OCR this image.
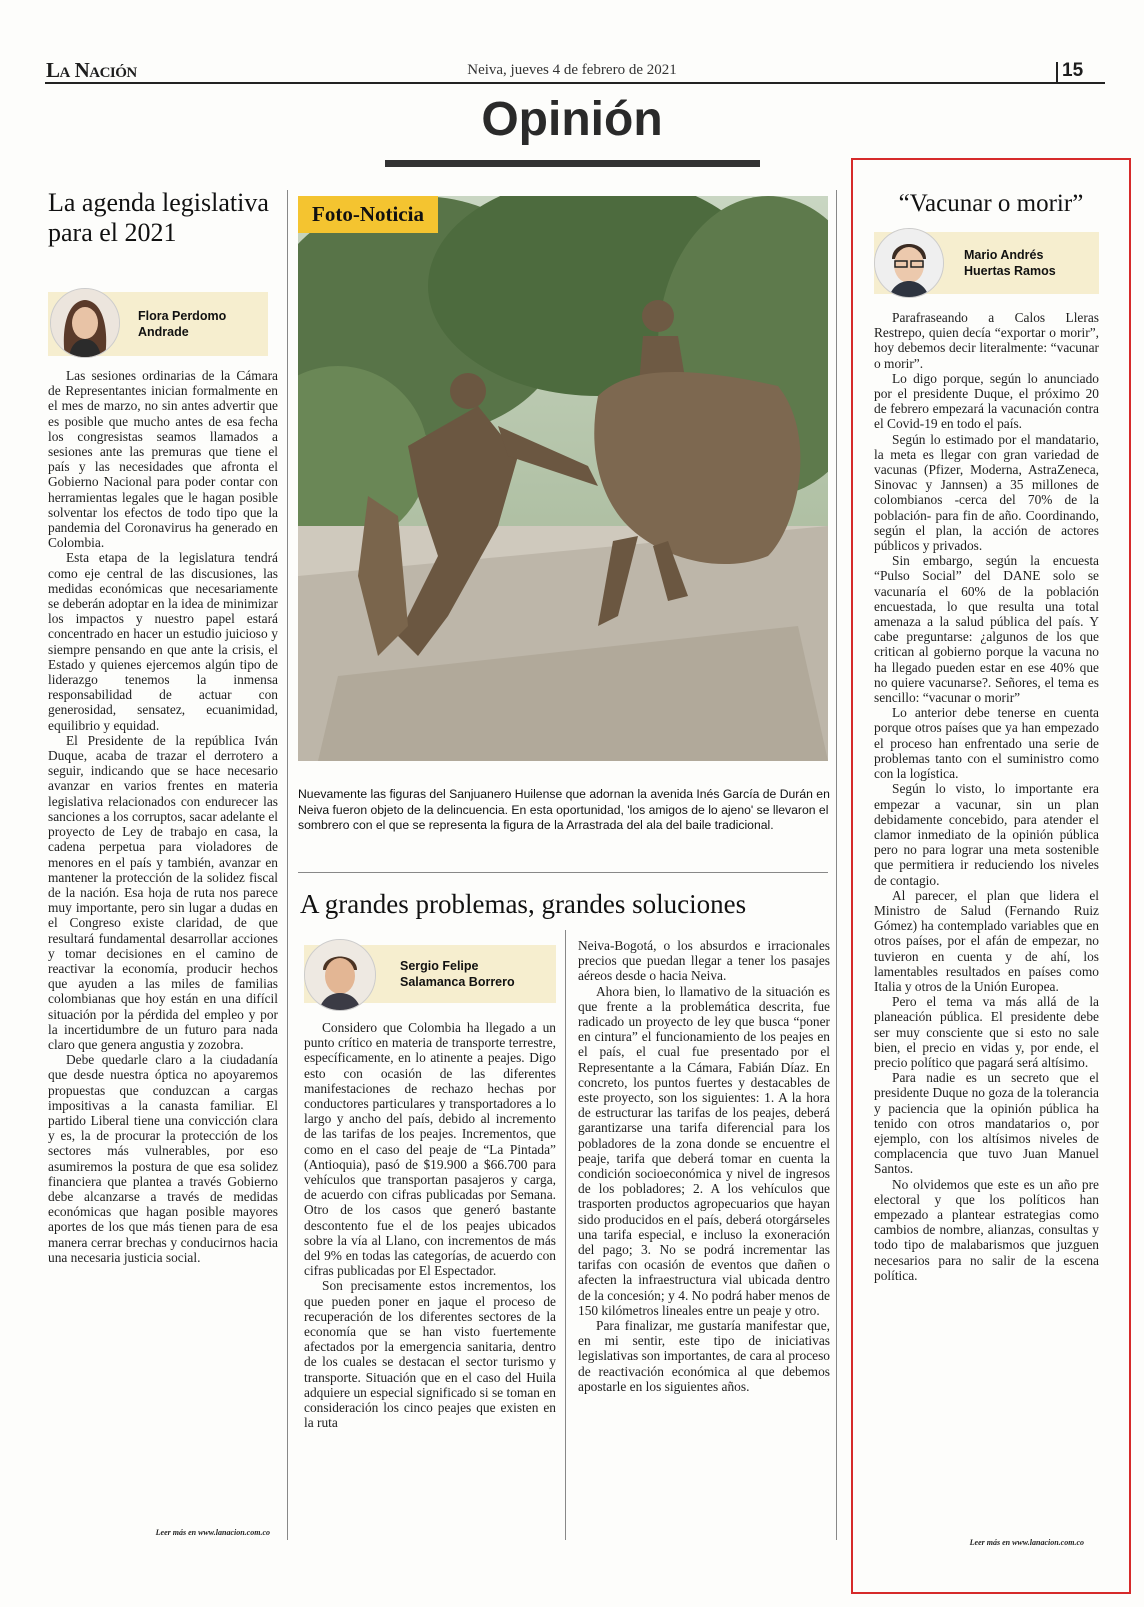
La Nación	Neiva, jueves 4 de febrero de 2021	15
Opinión
La agenda legislativa para el 2021
Flora Perdomo
Andrade

Las sesiones ordinarias de la Cámara de Representantes inician formalmente en el mes de marzo, no sin antes advertir que es posible que mucho antes de esa fecha los congresistas seamos llamados a sesiones ante las premuras que tiene el país y las necesidades que afronta el Gobierno Nacional para poder contar con herramientas legales que le hagan posible solventar los efectos de todo tipo que la pandemia del Coronavirus ha generado en Colombia.

Esta etapa de la legislatura tendrá como eje central de las discusiones, las medidas económicas que necesariamente se deberán adoptar en la idea de minimizar los impactos y nuestro papel estará concentrado en hacer un estudio juicioso y siempre pensando en que ante la crisis, el Estado y quienes ejercemos algún tipo de liderazgo tenemos la inmensa responsabilidad de actuar con generosidad, sensatez, ecuanimidad, equilibrio y equidad.

El Presidente de la república Iván Duque, acaba de trazar el derrotero a seguir, indicando que se hace necesario avanzar en varios frentes en materia legislativa relacionados con endurecer las sanciones a los corruptos, sacar adelante el proyecto de Ley de trabajo en casa, la cadena perpetua para violadores de menores en el país y también, avanzar en mantener la protección de la solidez fiscal de la nación. Esa hoja de ruta nos parece muy importante, pero sin lugar a dudas en el Congreso existe claridad, de que resultará fundamental desarrollar acciones y tomar decisiones en el camino de reactivar la economía, producir hechos que ayuden a las miles de familias colombianas que hoy están en una difícil situación por la pérdida del empleo y por la incertidumbre de un futuro para nada claro que genera angustia y zozobra.

Debe quedarle claro a la ciudadanía que desde nuestra óptica no apoyaremos propuestas que conduzcan a cargas impositivas a la canasta familiar. El partido Liberal tiene una convicción clara y es, la de procurar la protección de los sectores más vulnerables, por eso asumiremos la postura de que esa solidez financiera que plantea a través Gobierno debe alcanzarse a través de medidas económicas que hagan posible mayores aportes de los que más tienen para de esa manera cerrar brechas y conducirnos hacia una necesaria justicia social.

Leer más en www.lanacion.com.co
Foto-Noticia
Nuevamente las figuras del Sanjuanero Huilense que adornan la avenida Inés García de Durán en Neiva fueron objeto de la delincuencia. En esta oportunidad, 'los amigos de lo ajeno' se llevaron el sombrero con el que se representa la figura de la Arrastrada del ala del baile tradicional.
A grandes problemas, grandes soluciones
Sergio Felipe
Salamanca Borrero

Considero que Colombia ha llegado a un punto crítico en materia de transporte terrestre, específicamente, en lo atinente a peajes. Digo esto con ocasión de las diferentes manifestaciones de rechazo hechas por conductores particulares y transportadores a lo largo y ancho del país, debido al incremento de las tarifas de los peajes. Incrementos, que como en el caso del peaje de “La Pintada” (Antioquia), pasó de $19.900 a $66.700 para vehículos que transportan pasajeros y carga, de acuerdo con cifras publicadas por Semana. Otro de los casos que generó bastante descontento fue el de los peajes ubicados sobre la vía al Llano, con incrementos de más del 9% en todas las categorías, de acuerdo con cifras publicadas por El Espectador.

Son precisamente estos incrementos, los que pueden poner en jaque el proceso de recuperación de los diferentes sectores de la economía que se han visto fuertemente afectados por la emergencia sanitaria, dentro de los cuales se destacan el sector turismo y transporte. Situación que en el caso del Huila adquiere un especial significado si se toman en consideración los cinco peajes que existen en la ruta

Neiva-Bogotá, o los absurdos e irracionales precios que puedan llegar a tener los pasajes aéreos desde o hacia Neiva.

Ahora bien, lo llamativo de la situación es que frente a la problemática descrita, fue radicado un proyecto de ley que busca “poner en cintura” el funcionamiento de los peajes en el país, el cual fue presentado por el Representante a la Cámara, Fabián Díaz. En concreto, los puntos fuertes y destacables de este proyecto, son los siguientes: 1. A la hora de estructurar las tarifas de los peajes, deberá garantizarse una tarifa diferencial para los pobladores de la zona donde se encuentre el peaje, tarifa que deberá tomar en cuenta la condición socioeconómica y nivel de ingresos de los pobladores; 2. A los vehículos que trasporten productos agropecuarios que hayan sido producidos en el país, deberá otorgárseles una tarifa especial, e incluso la exoneración del pago; 3. No se podrá incrementar las tarifas con ocasión de eventos que dañen o afecten la infraestructura vial ubicada dentro de la concesión; y 4. No podrá haber menos de 150 kilómetros lineales entre un peaje y otro.

Para finalizar, me gustaría manifestar que, en mi sentir, este tipo de iniciativas legislativas son importantes, de cara al proceso de reactivación económica al que debemos apostarle en los siguientes años.

“Vacunar o morir”
Mario Andrés
Huertas Ramos

Parafraseando a Calos Lleras Restrepo, quien decía “exportar o morir”, hoy debemos decir literalmente: “vacunar o morir”.

Lo digo porque, según lo anunciado por el presidente Duque, el próximo 20 de febrero empezará la vacunación contra el Covid-19 en todo el país.

Según lo estimado por el mandatario, la meta es llegar con gran variedad de vacunas (Pfizer, Moderna, AstraZeneca, Sinovac y Jannsen) a 35 millones de colombianos -cerca del 70% de la población- para fin de año. Coordinando, según el plan, la acción de actores públicos y privados.

Sin embargo, según la encuesta “Pulso Social” del DANE solo se vacunaría el 60% de la población encuestada, lo que resulta una total amenaza a la salud pública del país. Y cabe preguntarse: ¿algunos de los que critican al gobierno porque la vacuna no ha llegado pueden estar en ese 40% que no quiere vacunarse?. Señores, el tema es sencillo: “vacunar o morir”

Lo anterior debe tenerse en cuenta porque otros países que ya han empezado el proceso han enfrentado una serie de problemas tanto con el suministro como con la logística.

Según lo visto, lo importante era empezar a vacunar, sin un plan debidamente concebido, para atender el clamor inmediato de la opinión pública pero no para lograr una meta sostenible que permitiera ir reduciendo los niveles de contagio.

Al parecer, el plan que lidera el Ministro de Salud (Fernando Ruiz Gómez) ha contemplado variables que en otros países, por el afán de empezar, no tuvieron en cuenta y de ahí, los lamentables resultados en países como Italia y otros de la Unión Europea.

Pero el tema va más allá de la planeación pública. El presidente debe ser muy consciente que si esto no sale bien, el precio en vidas y, por ende, el precio político que pagará será altísimo.

Para nadie es un secreto que el presidente Duque no goza de la tolerancia y paciencia que la opinión pública ha tenido con otros mandatarios o, por ejemplo, con los altísimos niveles de complacencia que tuvo Juan Manuel Santos.

No olvidemos que este es un año pre electoral y que los políticos han empezado a plantear estrategias como cambios de nombre, alianzas, consultas y todo tipo de malabarismos que juzguen necesarios para no salir de la escena política.

Leer más en www.lanacion.com.co
